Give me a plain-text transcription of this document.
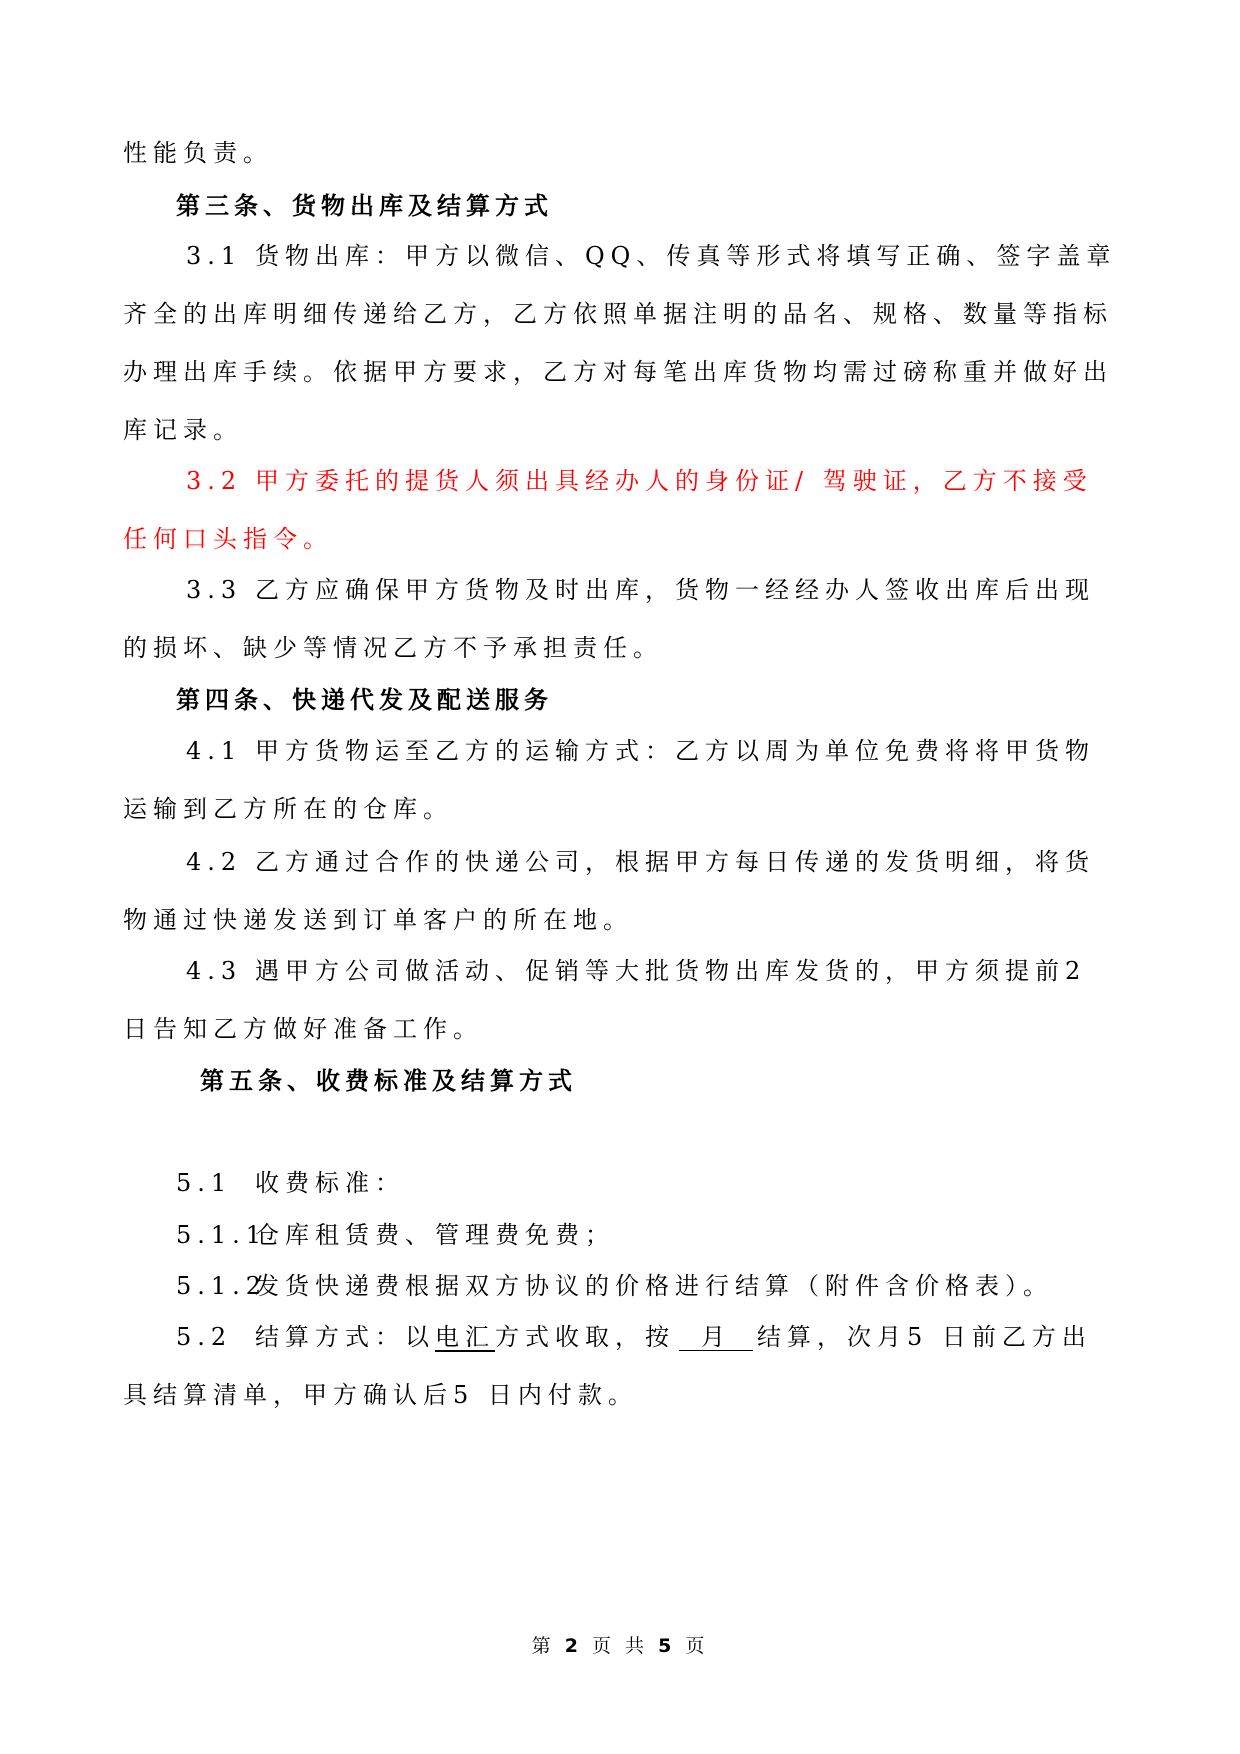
性能负责。
第三条、货物出库及结算方式
3.1 货物出库：甲方以微信、QQ、传真等形式将填写正确、签字盖章
齐全的出库明细传递给乙方，乙方依照单据注明的品名、规格、数量等指标
办理出库手续。依据甲方要求，乙方对每笔出库货物均需过磅称重并做好出
库记录。
3.2 甲方委托的提货人须出具经办人的身份证/ 驾驶证，乙方不接受
任何口头指令。
3.3 乙方应确保甲方货物及时出库，货物一经经办人签收出库后出现
的损坏、缺少等情况乙方不予承担责任。
第四条、快递代发及配送服务
4.1 甲方货物运至乙方的运输方式：乙方以周为单位免费将将甲货物
运输到乙方所在的仓库。
4.2 乙方通过合作的快递公司，根据甲方每日传递的发货明细，将货
物通过快递发送到订单客户的所在地。
4.3 遇甲方公司做活动、促销等大批货物出库发货的，甲方须提前2
日告知乙方做好准备工作。
第五条、收费标准及结算方式
5.1 收费标准：
5.1.1
仓库租赁费、管理费免费；
5.1.2
发货快递费根据双方协议的价格进行结算（附件含价格表）。
5.2 结算方式：以电汇方式收取，按 月 结算，次月5 日前乙方出
具结算清单，甲方确认后5 日内付款。
第 2 页 共 5 页
